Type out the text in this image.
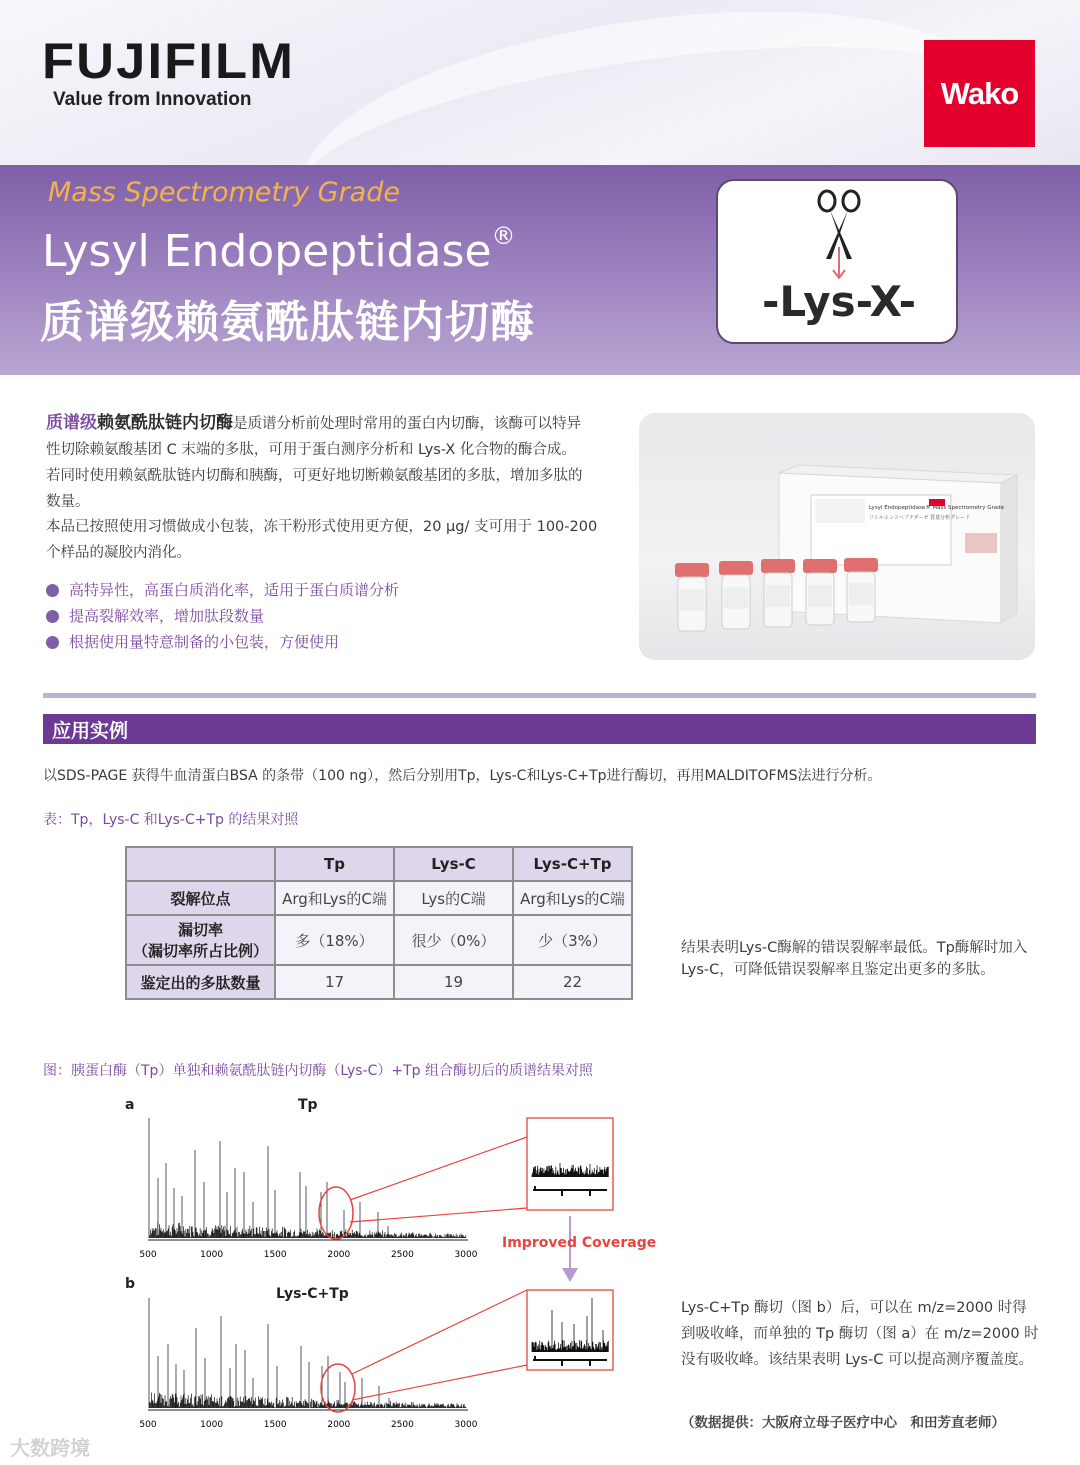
FUJIFILM
Value from Innovation	Wako
Mass Spectrometry Grade
Lysyl Endopeptidase®
质谱级赖氨酰肽链内切酶	-Lys-X-
质谱级赖氨酰肽链内切酶是质谱分析前处理时常用的蛋白内切酶，该酶可以特异性切除赖氨酸基团 C 末端的多肽，可用于蛋白测序分析和 Lys-X 化合物的酶合成。若同时使用赖氨酰肽链内切酶和胰酶，可更好地切断赖氨酸基团的多肽，增加多肽的数量。
本品已按照使用习惯做成小包装，冻干粉形式使用更方便，20 μg/ 支可用于 100-200 个样品的凝胶内消化。
高特异性，高蛋白质消化率，适用于蛋白质谱分析
提高裂解效率，增加肽段数量
根据使用量特意制备的小包装，方便使用
Lysyl Endopeptidase® Mass Spectrometry Grade
リシルエンドペプチダーゼ 質量分析グレード
应用实例
以SDS-PAGE 获得牛血清蛋白BSA 的条带（100 ng），然后分别用Tp，Lys-C和Lys-C+Tp进行酶切，再用MALDITOFMS法进行分析。
表：Tp，Lys-C 和Lys-C+Tp 的结果对照
	Tp	Lys-C	Lys-C+Tp
裂解位点	Arg和Lys的C端	Lys的C端	Arg和Lys的C端

漏切率
（漏切率所占比例）	多（18%）	很少（0%）	少（3%）
鉴定出的多肽数量	17	19	22
结果表明Lys-C酶解的错误裂解率最低。Tp酶解时加入Lys-C，可降低错误裂解率且鉴定出更多的多肽。
图：胰蛋白酶（Tp）单独和赖氨酰肽链内切酶（Lys-C）+Tp 组合酶切后的质谱结果对照
a	Tp
b
Lys-C+Tp
500
500
1000
1000
1500
1500
2000
2000
2500
2500
3000
3000
Improved Coverage
Lys-C+Tp 酶切（图 b）后，可以在 m/z=2000 时得到吸收峰，而单独的 Tp 酶切（图 a）在 m/z=2000 时没有吸收峰。该结果表明 Lys-C 可以提高测序覆盖度。
（数据提供：大阪府立母子医疗中心　和田芳直老师）
大数跨境
